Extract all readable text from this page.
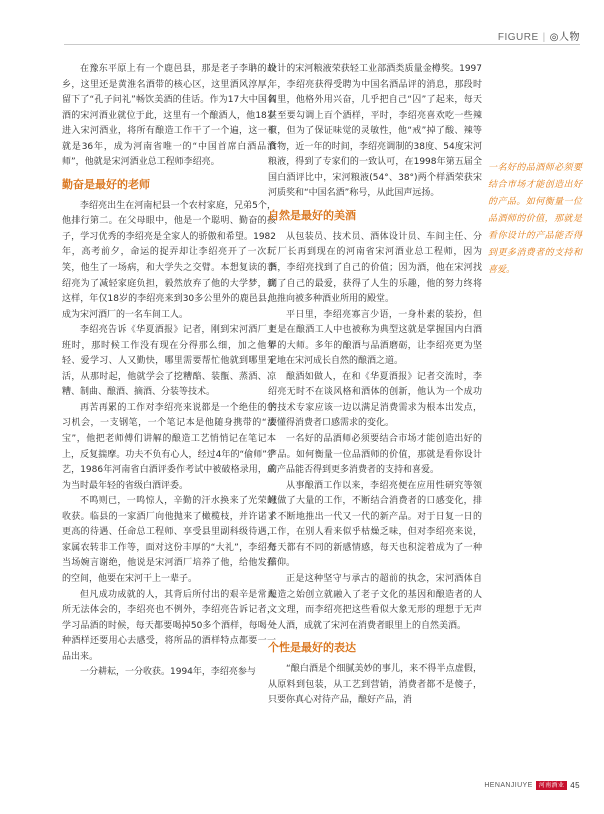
FIGURE | ◎人物

在豫东平原上有一个鹿邑县，那是老子李聃的故乡，这里还是黄淮名酒带的核心区，这里酒风淳厚，留下了“孔子问礼”畅饮美酒的佳话。作为17大中国名酒的宋河酒业就位于此，这里有一个酿酒人，他18岁进入宋河酒业，将所有酿造工作干了一个遍，这一干就是36年，成为河南省唯一的“中国首席白酒品酒师”，他就是宋河酒业总工程师李绍亮。

勤奋是最好的老师

李绍亮出生在河南杞县一个农村家庭，兄弟5个，他排行第二。在父母眼中，他是一个聪明、勤奋的孩子，学习优秀的李绍亮是全家人的骄傲和希望。1982年，高考前夕，命运的捉弄却让李绍亮开了一次玩笑，他生了一场病，和大学失之交臂。本想复读的李绍亮为了减轻家庭负担，毅然放弃了他的大学梦，就这样，年仅18岁的李绍亮来到30多公里外的鹿邑县，成为宋河酒厂的一名车间工人。

李绍亮告诉《华夏酒报》记者，刚到宋河酒厂上班时，那时候工作没有现在分得那么细，加之他年轻、爱学习、人又勤快，哪里需要帮忙他就到哪里干活，从那时起，他就学会了挖糟醅、装甑、蒸酒、凉糟、制曲、酿酒、摘酒、分装等技术。

再苦再累的工作对李绍亮来说都是一个绝佳的学习机会，一支钢笔，一个笔记本是他随身携带的“法宝”，他把老师傅们讲解的酿造工艺悄悄记在笔记本上，反复揣摩。功夫不负有心人，经过4年的“偷师”学艺，1986年河南省白酒评委作考试中被破格录用，成为当时最年轻的省级白酒评委。

不鸣则已，一鸣惊人，辛勤的汗水换来了光荣的收获。临县的一家酒厂向他抛来了橄榄枝，并许诺了更高的待遇、任命总工程师、享受县里副科级待遇，家属农转非工作等，面对这份丰厚的“大礼”，李绍亮当场婉言谢绝，他说是宋河酒厂培养了他，给他发挥的空间，他要在宋河干上一辈子。

但凡成功成就的人，其背后所付出的艰辛是常人所无法体会的，李绍亮也不例外，李绍亮告诉记者，学习品酒的时候，每天都要喝掉50多个酒样，每喝一种酒样还要用心去感受，将所品的酒样特点都要一一品出来。

一分耕耘，一分收获。1994年，李绍亮参与

设计的宋河粮液荣获轻工业部酒类质量金樽奖。1997年，李绍亮获得受聘为中国名酒品评的消息，那段时间里，他格外用兴奋，几乎把自己“囚”了起来，每天甚至要勾调上百个酒样，平时，李绍亮喜欢吃一些辣椒，但为了保证味觉的灵敏性，他“戒”掉了酸、辣等食物，近一年的时间，李绍亮调制的38度、54度宋河粮液，得到了专家们的一致认可，在1998年第五届全国白酒评比中，宋河粮液(54°、38°)两个样酒荣获宋河质奖和“中国名酒”称号，从此国声远扬。

自然是最好的美酒

从包装员、技术员、酒体设计员、车间主任、分厂厂长再到现在的河南省宋河酒业总工程师，因为酒，李绍亮找到了自己的价值；因为酒，他在宋河找到了自己的最爱，获得了人生的乐趣，他的努力终将他推向被多种酒业所用的殿堂。

平日里，李绍亮寡言少语，一身朴素的装扮，但更是在酿酒工人中也被称为典型这就是掌握国内白酒界的大师。多年的酿酒与品酒磨砺，让李绍亮更为坚定地在宋河成长自然的酿酒之道。

酿酒如做人，在和《华夏酒报》记者交流时，李绍亮无时不在谈风格和酒体的创新，他认为一个成功的技术专家应该一边以满足消费需求为根本出发点，要懂得消费者口感需求的变化。

一名好的品酒师必须要结合市场才能创造出好的产品。如何衡量一位品酒师的价值，那就是看你设计的产品能否得到更多消费者的支持和喜爱。

从事酿酒工作以来，李绍亮便在应用性研究等领域做了大量的工作，不断结合消费者的口感变化，排求不断地推出一代又一代的新产品。对于日复一日的工作，在别人看来似乎枯燥乏味，但对李绍亮来说，每天都有不同的新感情感，每天也积淀着成为了一种信仰。

正是这种坚守与承古的超前的执念，宋河酒体自酿造之始创立就融入了老子文化的基因和酿造者的人文文理，而李绍亮把这些看似大象无形的理想于无声处人酒，成就了宋河在消费者眼里上的自然美酒。

个性是最好的表达

“酿白酒是个细腻美妙的事儿，来不得半点虚假，从原料到包装，从工艺到营销，消费者都不是傻子，只要你真心对待产品，酿好产品，消

一名好的品酒师必须要结合市场才能创造出好的产品。如何衡量一位品酒师的价值，那就是看你设计的产品能否得到更多消费者的支持和喜爱。
HENANJIUYE	河南酒业 45
